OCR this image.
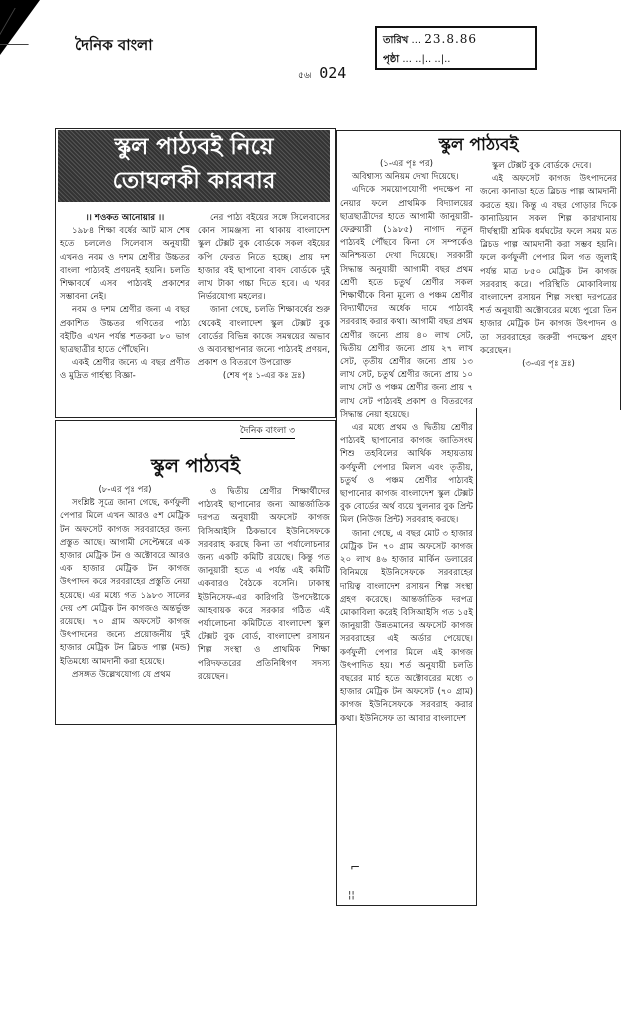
দৈনিক বাংলা
৫৬৷ 024
তারিখ ... 23.8.86
পৃষ্ঠা ... ..|.. ..|..
স্কুল পাঠ্যবই নিয়ে
তোঘলকী কারবার

।। শওকত আনোয়ার ।।

১৯৮৪ শিক্ষা বর্ষের আট মাস শেষ হতে চললেও সিলেবাস অনুযায়ী এখনও নবম ও দশম শ্রেণীর উচ্চতর বাংলা পাঠ্যবই প্রণয়নই হয়নি। চলতি শিক্ষাবর্ষে এসব পাঠ্যবই প্রকাশের সম্ভাবনা নেই।

নবম ও দশম শ্রেণীর জন্য এ বছর প্রকাশিত উচ্চতর গণিতের পাঠ্য বইটিও এখন পর্যন্ত শতকরা ৮০ ভাগ ছাত্রছাত্রীর হাতে পৌঁছেনি।

একই শ্রেণীর জন্যে এ বছর প্রণীত ও মুদ্রিত গার্হস্থ্য বিজ্ঞা-

নের পাঠ্য বইয়ের সঙ্গে সিলেবাসের কোন সামঞ্জস্য না থাকায় বাংলাদেশ স্কুল টেক্সট বুক বোর্ডকে সকল বইয়ের কপি ফেরত নিতে হচ্ছে। প্রায় দশ হাজার বই ছাপানো বাবদ বোর্ডকে দুই লাখ টাকা গচ্চা দিতে হবে। এ খবর নির্ভরযোগ্য মহলের।

জানা গেছে, চলতি শিক্ষাবর্ষের শুরু থেকেই বাংলাদেশ স্কুল টেক্সট বুক বোর্ডের বিভিন্ন কাজে সমন্বয়ের অভাব ও অব্যবস্থাপনার জন্যে পাঠ্যবই প্রণয়ন, প্রকাশ ও বিতরণে উপরোক্ত

(শেষ পৃঃ ১-এর কঃ দ্রঃ)

স্কুল পাঠ্যবই

(১-এর পৃঃ পর)

অবিশ্বাস্য অনিয়ম দেখা দিয়েছে।

এদিকে সময়োপযোগী পদক্ষেপ না নেয়ার ফলে প্রাথমিক বিদ্যালয়ের ছাত্রছাত্রীদের হাতে আগামী জানুয়ারী-ফেব্রুয়ারী (১৯৮৫) নাগাদ নতুন পাঠ্যবই পৌঁছবে কিনা সে সম্পর্কেও অনিশ্চয়তা দেখা দিয়েছে। সরকারী সিদ্ধান্ত অনুযায়ী আগামী বছর প্রথম শ্রেণী হতে চতুর্থ শ্রেণীর সকল শিক্ষার্থীকে বিনা মূল্যে ও পঞ্চম শ্রেণীর বিদ্যার্থীদের অর্ধেক দামে পাঠ্যবই সরবরাহ করার কথা। আগামী বছর প্রথম শ্রেণীর জন্যে প্রায় ৪০ লাখ সেট, দ্বিতীয় শ্রেণীর জন্যে প্রায় ২৭ লাখ সেট, তৃতীয় শ্রেণীর জন্যে প্রায় ১৩ লাখ সেট, চতুর্থ শ্রেণীর জন্যে প্রায় ১০ লাখ সেট ও পঞ্চম শ্রেণীর জন্য প্রায় ৭ লাখ সেট পাঠ্যবই প্রকাশ ও বিতরণের সিদ্ধান্ত নেয়া হয়েছে।

এর মধ্যে প্রথম ও দ্বিতীয় শ্রেণীর পাঠ্যবই ছাপানোর কাগজ জাতিসংঘ শিশু তহবিলের আর্থিক সহায়তায় কর্ণফুলী পেপার মিলস এবং তৃতীয়, চতুর্থ ও পঞ্চম শ্রেণীর পাঠ্যবই ছাপানোর কাগজ বাংলাদেশ স্কুল টেক্সট বুক বোর্ডের অর্থ ব্যয়ে খুলনার বুক প্রিন্ট মিল (নিউজ প্রিন্ট) সরবরাহ করছে।

জানা গেছে, এ বছর মোট ৩ হাজার মেট্রিক টন ৭০ গ্রাম অফসেট কাগজ ২০ লাখ ৪৬ হাজার মার্কিন ডলারের বিনিময়ে ইউনিসেফকে সরবরাহের দায়িত্ব বাংলাদেশ রসায়ন শিল্প সংস্থা গ্রহণ করেছে। আন্তর্জাতিক দরপত্র মোকাবিলা করেই বিসিআইসি গত ১৫ই জানুয়ারী উন্নতমানের অফসেট কাগজ সরবরাহের এই অর্ডার পেয়েছে। কর্ণফুলী পেপার মিলে এই কাগজ উৎপাদিত হয়। শর্ত অনুযায়ী চলতি বছরের মার্চ হতে অক্টোবরের মধ্যে ৩ হাজার মেট্রিক টন অফসেট (৭০ গ্রাম) কাগজ ইউনিসেফকে সরবরাহ করার কথা। ইউনিসেফ তা আবার বাংলাদেশ

স্কুল টেক্সট বুক বোর্ডকে দেবে।

এই অফসেট কাগজ উৎপাদনের জন্যে কানাডা হতে ব্লিচড পাল্প আমদানী করতে হয়। কিন্তু এ বছর গোড়ার দিকে কানাডিয়ান সকল শিল্প কারখানায় দীর্ঘস্থায়ী শ্রমিক ধর্মঘটের ফলে সময় মত ব্লিচড পাল্প আমদানী করা সম্ভব হয়নি। ফলে কর্ণফুলী পেপার মিল গত জুলাই পর্যন্ত মাত্র ৮৫০ মেট্রিক টন কাগজ সরবরাহ করে। পরিস্থিতি মোকাবিলায় বাংলাদেশ রসায়ন শিল্প সংস্থা দরপত্রের শর্ত অনুযায়ী অক্টোবরের মধ্যে পুরো তিন হাজার মেট্রিক টন কাগজ উৎপাদন ও তা সরবরাহের জরুরী পদক্ষেপ গ্রহণ করেছেন।

(৩-এর পৃঃ দ্রঃ)

দৈনিক বাংলা ৩
স্কুল পাঠ্যবই

(৮-এর পৃঃ পর)

সংশ্লিষ্ট সূত্রে জানা গেছে, কর্ণফুলী পেপার মিলে এখন আরও ৫শ মেট্রিক টন অফসেট কাগজ সরবরাহের জন্য প্রস্তুত আছে। আগামী সেপ্টেম্বরে এক হাজার মেট্রিক টন ও অক্টোবরে আরও এক হাজার মেট্রিক টন কাগজ উৎপাদন করে সরবরাহের প্রস্তুতি নেয়া হয়েছে। এর মধ্যে গত ১৯৮৩ সালের দেয় ৩শ মেট্রিক টন কাগজও অন্তর্ভুক্ত রয়েছে। ৭০ গ্রাম অফসেট কাগজ উৎপাদনের জন্যে প্রয়োজনীয় দুই হাজার মেট্রিক টন ব্লিচড পাল্প (মন্ড) ইতিমধ্যে আমদানী করা হয়েছে।

প্রসঙ্গত উল্লেখযোগ্য যে প্রথম

ও দ্বিতীয় শ্রেণীর শিক্ষার্থীদের পাঠ্যবই ছাপানোর জন্য আন্তর্জাতিক দরপত্র অনুযায়ী অফসেট কাগজ বিসিআইসি ঠিকভাবে ইউনিসেফকে সরবরাহ করছে কিনা তা পর্যালোচনার জন্য একটি কমিটি রয়েছে। কিন্তু গত জানুয়ারী হতে এ পর্যন্ত এই কমিটি একবারও বৈঠকে বসেনি। ঢাকাস্থ ইউনিসেফ-এর কারিগরি উপদেষ্টাকে আহবায়ক করে সরকার গঠিত এই পর্যালোচনা কমিটিতে বাংলাদেশ স্কুল টেক্সট বুক বোর্ড, বাংলাদেশ রসায়ন শিল্প সংস্থা ও প্রাথমিক শিক্ষা পরিদফতরের প্রতিনিধিগণ সদস্য রয়েছেন।

⌐
¦¦
